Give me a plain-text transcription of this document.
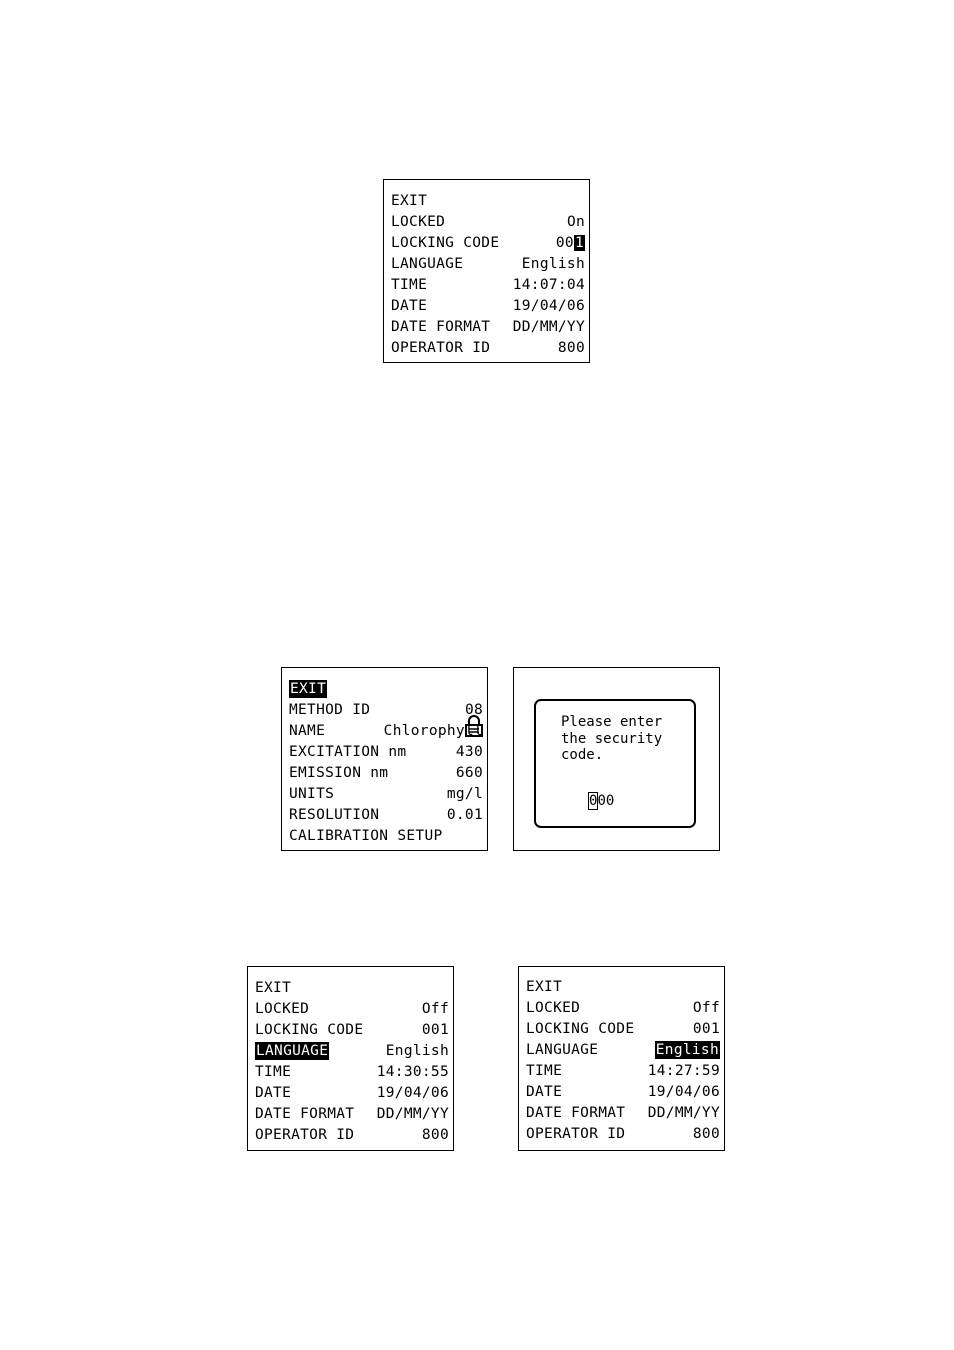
EXIT
LOCKED	On
LOCKING CODE	001
LANGUAGE	English
TIME	14:07:04
DATE	19/04/06
DATE FORMAT DD/MM/YY
OPERATOR ID	800
EXIT

METHOD ID	08
NAME	Chlorophyll
EXCITATION nm	430
EMISSION nm	660
UNITS	mg/l
RESOLUTION	0.01
CALIBRATION SETUP
Please enter
the security
code.
000
EXIT
LOCKED	Off
LOCKING CODE	001
LANGUAGE	English
TIME	14:30:55
DATE	19/04/06
DATE FORMAT DD/MM/YY
OPERATOR ID	800
EXIT
LOCKED	Off
LOCKING CODE	001
LANGUAGE	English
TIME	14:27:59
DATE	19/04/06
DATE FORMAT DD/MM/YY
OPERATOR ID	800
